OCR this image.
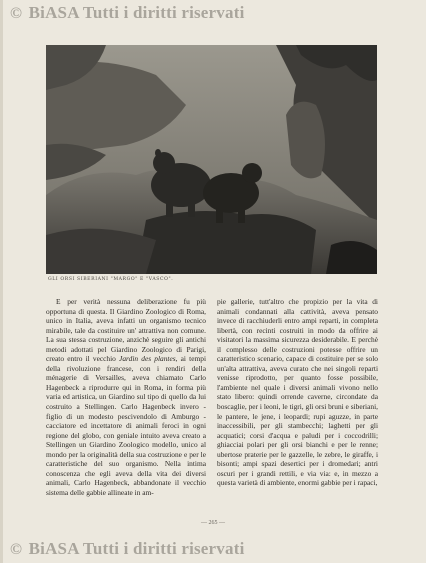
© BiASA Tutti i diritti riservati
GLI ORSI SIBERIANI "MARGO" E "VASCO".

E per verità nessuna deliberazione fu più opportuna di questa. Il Giardino Zoologico di Roma, unico in Italia, aveva infatti un organismo tecnico mirabile, tale da costituire un' attrattiva non comune. La sua stessa costruzione, anzichè seguire gli antichi metodi adottati pel Giardino Zoologico di Parigi, creato entro il vecchio Jardin des plantes, ai tempi della rivoluzione francese, con i rendiri della ménagerie di Versailles, aveva chiamato Carlo Hagenbeck a riprodurre qui in Roma, in forma più varia ed artistica, un Giardino sul tipo di quello da lui costruito a Stellingen. Carlo Hagenbeck invero - figlio di un modesto pescivendolo di Amburgo - cacciatore ed incettatore di animali feroci in ogni regione del globo, con geniale intuito aveva creato a Stellingen un Giardino Zoologico modello, unico al mondo per la originalità della sua costruzione e per le caratteristiche del suo organismo. Nella intima conoscenza che egli aveva della vita dei diversi animali, Carlo Hagenbeck, abbandonate il vecchio sistema delle gabbie allineate in am-

pie gallerie, tutt'altro che propizio per la vita di animali condannati alla cattività, aveva pensato invece di racchiuderli entro ampi reparti, in completa libertà, con recinti costruiti in modo da offrire ai visitatori la massima sicurezza desiderabile. E perchè il complesso delle costruzioni potesse offrire un caratteristico scenario, capace di costituire per se solo un'alta attrattiva, aveva curato che nei singoli reparti venisse riprodotto, per quanto fosse possibile, l'ambiente nel quale i diversi animali vivono nello stato libero: quindi orrende caverne, circondate da boscaglie, per i leoni, le tigri, gli orsi bruni e siberiani, le pantere, le jene, i leopardi; rupi aguzze, in parte inaccessibili, per gli stambecchi; laghetti per gli acquatici; corsi d'acqua e paludi per i coccodrilli; ghiacciai polari per gli orsi bianchi e per le renne; ubertose praterie per le gazzelle, le zebre, le giraffe, i bisonti; ampi spazi desertici per i dromedari; antri oscuri per i grandi rettili, e via via: e, in mezzo a questa varietà di ambiente, enormi gabbie per i rapaci,

— 265 —
© BiASA Tutti i diritti riservati
